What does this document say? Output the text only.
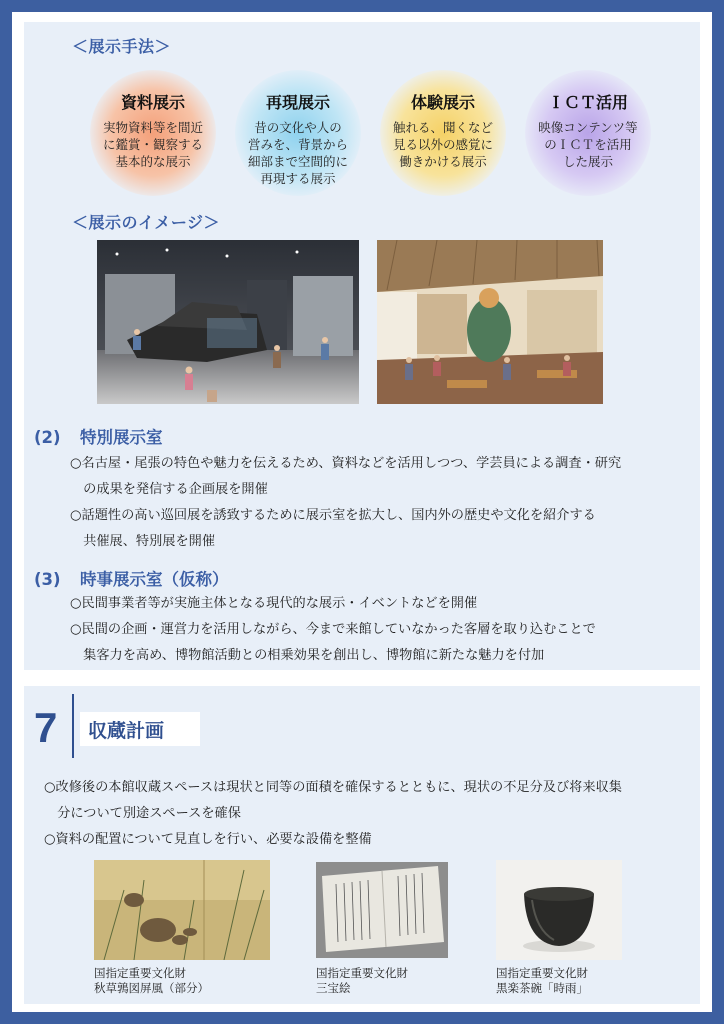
＜展示手法＞
資料展示
実物資料等を間近
に鑑賞・観察する
基本的な展示
再現展示
昔の文化や人の
営みを、背景から
細部まで空間的に
再現する展示
体験展示
触れる、聞くなど
見る以外の感覚に
働きかける展示
ＩＣＴ活用
映像コンテンツ等
のＩＣＴを活用
した展示
＜展示のイメージ＞
(2) 特別展示室
○名古屋・尾張の特色や魅力を伝えるため、資料などを活用しつつ、学芸員による調査・研究
　の成果を発信する企画展を開催
○話題性の高い巡回展を誘致するために展示室を拡大し、国内外の歴史や文化を紹介する
　共催展、特別展を開催
(3) 時事展示室（仮称）
○民間事業者等が実施主体となる現代的な展示・イベントなどを開催
○民間の企画・運営力を活用しながら、今まで来館していなかった客層を取り込むことで
　集客力を高め、博物館活動との相乗効果を創出し、博物館に新たな魅力を付加
7	収蔵計画
○改修後の本館収蔵スペースは現状と同等の面積を確保するとともに、現状の不足分及び将来収集
　分について別途スペースを確保
○資料の配置について見直しを行い、必要な設備を整備
国指定重要文化財
秋草鶉図屏風（部分）
国指定重要文化財
三宝絵
国指定重要文化財
黒楽茶碗「時雨」
